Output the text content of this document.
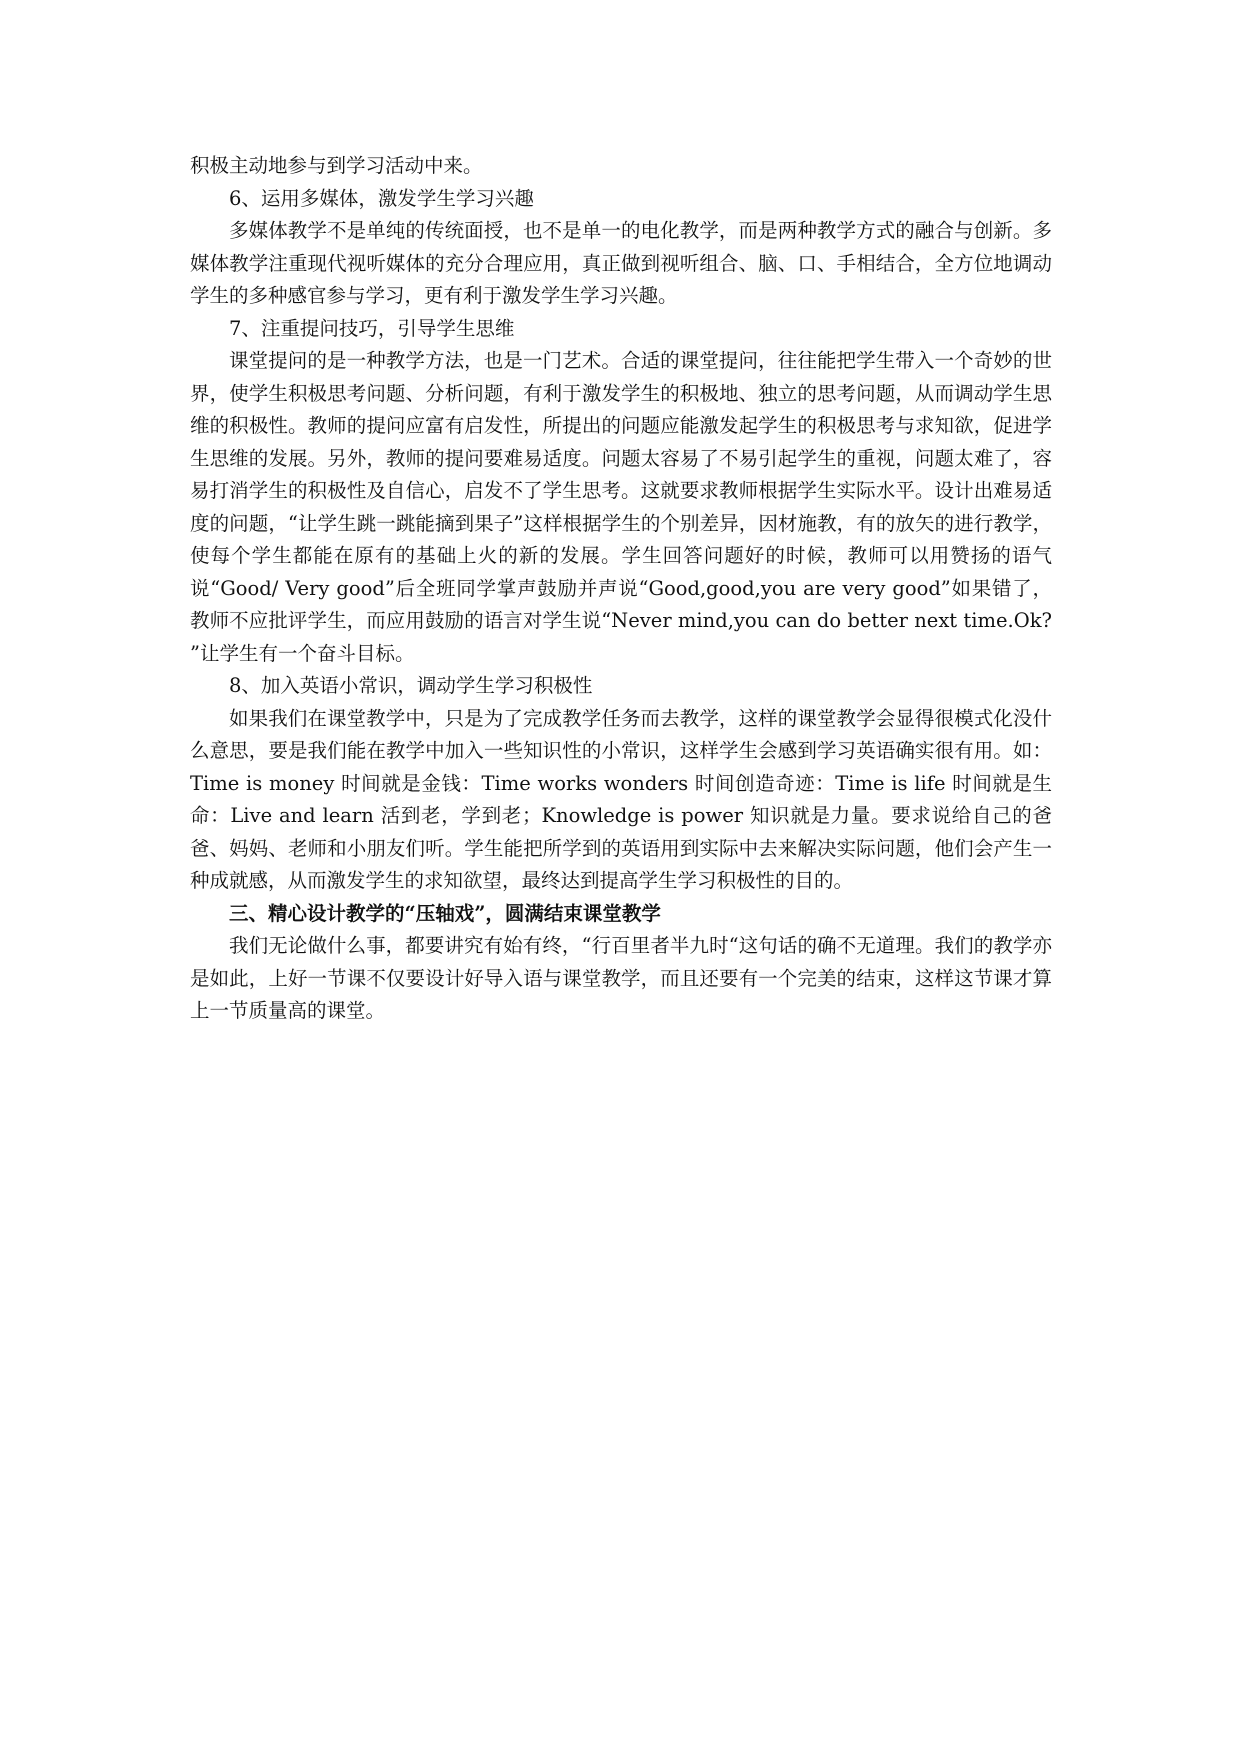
积极主动地参与到学习活动中来。

6、运用多媒体，激发学生学习兴趣

多媒体教学不是单纯的传统面授，也不是单一的电化教学，而是两种教学方式的融合与创新。多媒体教学注重现代视听媒体的充分合理应用，真正做到视听组合、脑、口、手相结合，全方位地调动学生的多种感官参与学习，更有利于激发学生学习兴趣。

7、注重提问技巧，引导学生思维

课堂提问的是一种教学方法，也是一门艺术。合适的课堂提问，往往能把学生带入一个奇妙的世界，使学生积极思考问题、分析问题，有利于激发学生的积极地、独立的思考问题，从而调动学生思维的积极性。教师的提问应富有启发性，所提出的问题应能激发起学生的积极思考与求知欲，促进学生思维的发展。另外，教师的提问要难易适度。问题太容易了不易引起学生的重视，问题太难了，容易打消学生的积极性及自信心，启发不了学生思考。这就要求教师根据学生实际水平。设计出难易适度的问题，“让学生跳一跳能摘到果子”这样根据学生的个别差异，因材施教，有的放矢的进行教学，使每个学生都能在原有的基础上火的新的发展。学生回答问题好的时候，教师可以用赞扬的语气说“Good/ Very good”后全班同学掌声鼓励并声说“Good,good,you are very good”如果错了，教师不应批评学生，而应用鼓励的语言对学生说“Never mind,you can do better next time.Ok? ”让学生有一个奋斗目标。

8、加入英语小常识，调动学生学习积极性

如果我们在课堂教学中，只是为了完成教学任务而去教学，这样的课堂教学会显得很模式化没什么意思，要是我们能在教学中加入一些知识性的小常识，这样学生会感到学习英语确实很有用。如：Time is money 时间就是金钱：Time works wonders 时间创造奇迹：Time is life 时间就是生命：Live and learn 活到老，学到老；Knowledge is power 知识就是力量。要求说给自己的爸爸、妈妈、老师和小朋友们听。学生能把所学到的英语用到实际中去来解决实际问题，他们会产生一种成就感，从而激发学生的求知欲望，最终达到提高学生学习积极性的目的。

三、精心设计教学的“压轴戏”，圆满结束课堂教学

我们无论做什么事，都要讲究有始有终，“行百里者半九时“这句话的确不无道理。我们的教学亦是如此，上好一节课不仅要设计好导入语与课堂教学，而且还要有一个完美的结束，这样这节课才算上一节质量高的课堂。
